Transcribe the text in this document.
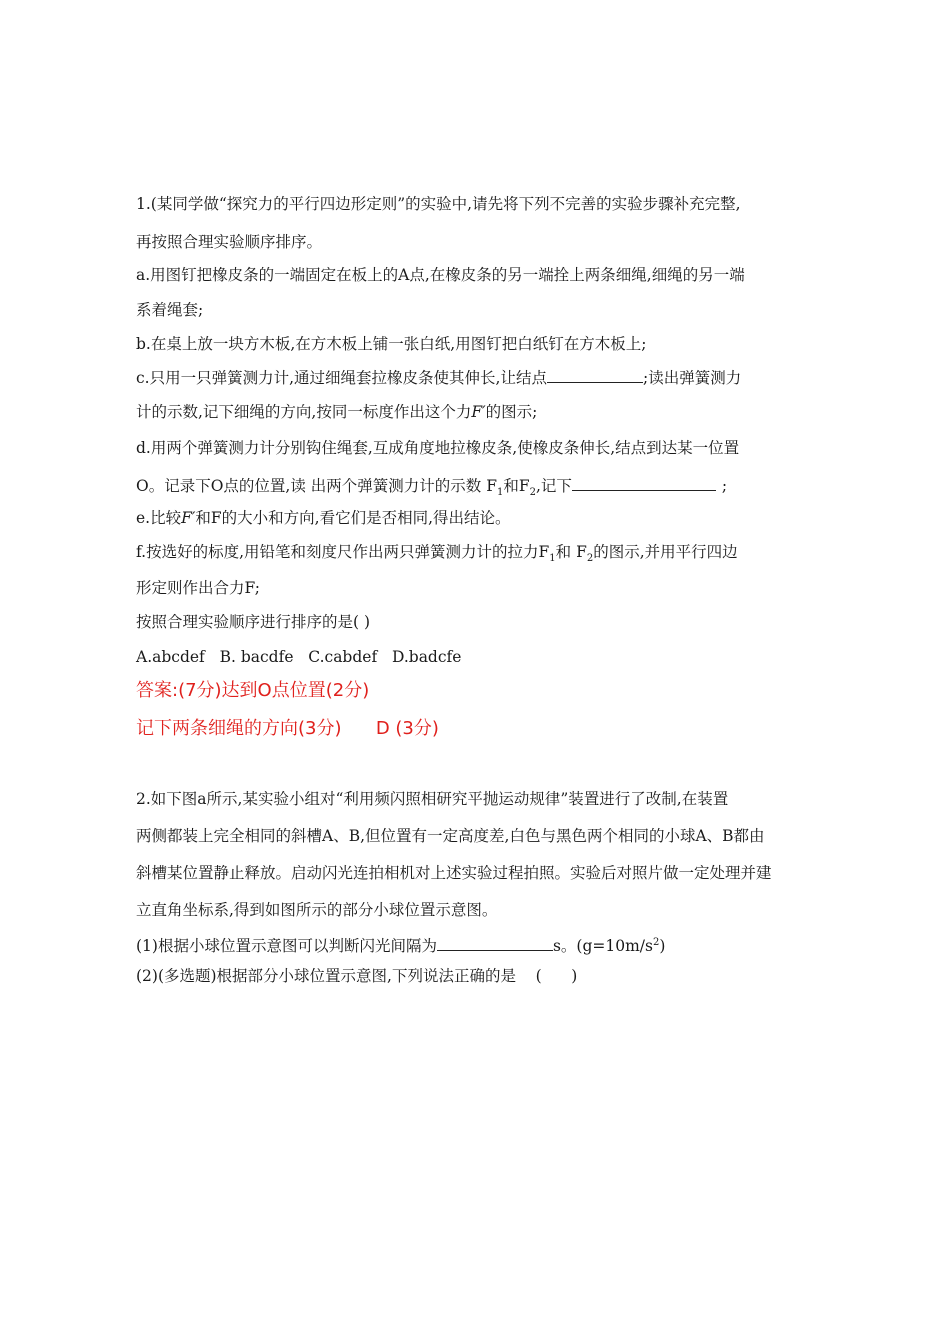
1.(某同学做“探究力的平行四边形定则”的实验中,请先将下列不完善的实验步骤补充完整,
再按照合理实验顺序排序。
a.用图钉把橡皮条的一端固定在板上的A点,在橡皮条的另一端拴上两条细绳,细绳的另一端
系着绳套;
b.在桌上放一块方木板,在方木板上铺一张白纸,用图钉把白纸钉在方木板上;
c.只用一只弹簧测力计,通过细绳套拉橡皮条使其伸长,让结点	;读出弹簧测力
计的示数,记下细绳的方向,按同一标度作出这个力F′的图示;
d.用两个弹簧测力计分别钩住绳套,互成角度地拉橡皮条,使橡皮条伸长,结点到达某一位置
O。记录下O点的位置,读 出两个弹簧测力计的示数 $F_1$和$F_2$,记下	;
e.比较F′和F的大小和方向,看它们是否相同,得出结论。
f.按选好的标度,用铅笔和刻度尺作出两只弹簧测力计的拉力$F_1$和 $F_2$的图示,并用平行四边
形定则作出合力F;
按照合理实验顺序进行排序的是( )
A.abcdef   B. bacdfe   C.cabdef   D.badcfe
答案:(7分)达到O点位置(2分)
记下两条细绳的方向(3分)      D (3分)
2.如下图a所示,某实验小组对“利用频闪照相研究平抛运动规律”装置进行了改制,在装置
两侧都装上完全相同的斜槽A、B,但位置有一定高度差,白色与黑色两个相同的小球A、B都由
斜槽某位置静止释放。启动闪光连拍相机对上述实验过程拍照。实验后对照片做一定处理并建
立直角坐标系,得到如图所示的部分小球位置示意图。
(1)根据小球位置示意图可以判断闪光间隔为	s。$(g=10m/s^2)$
(2)(多选题)根据部分小球位置示意图,下列说法正确的是    (      )
